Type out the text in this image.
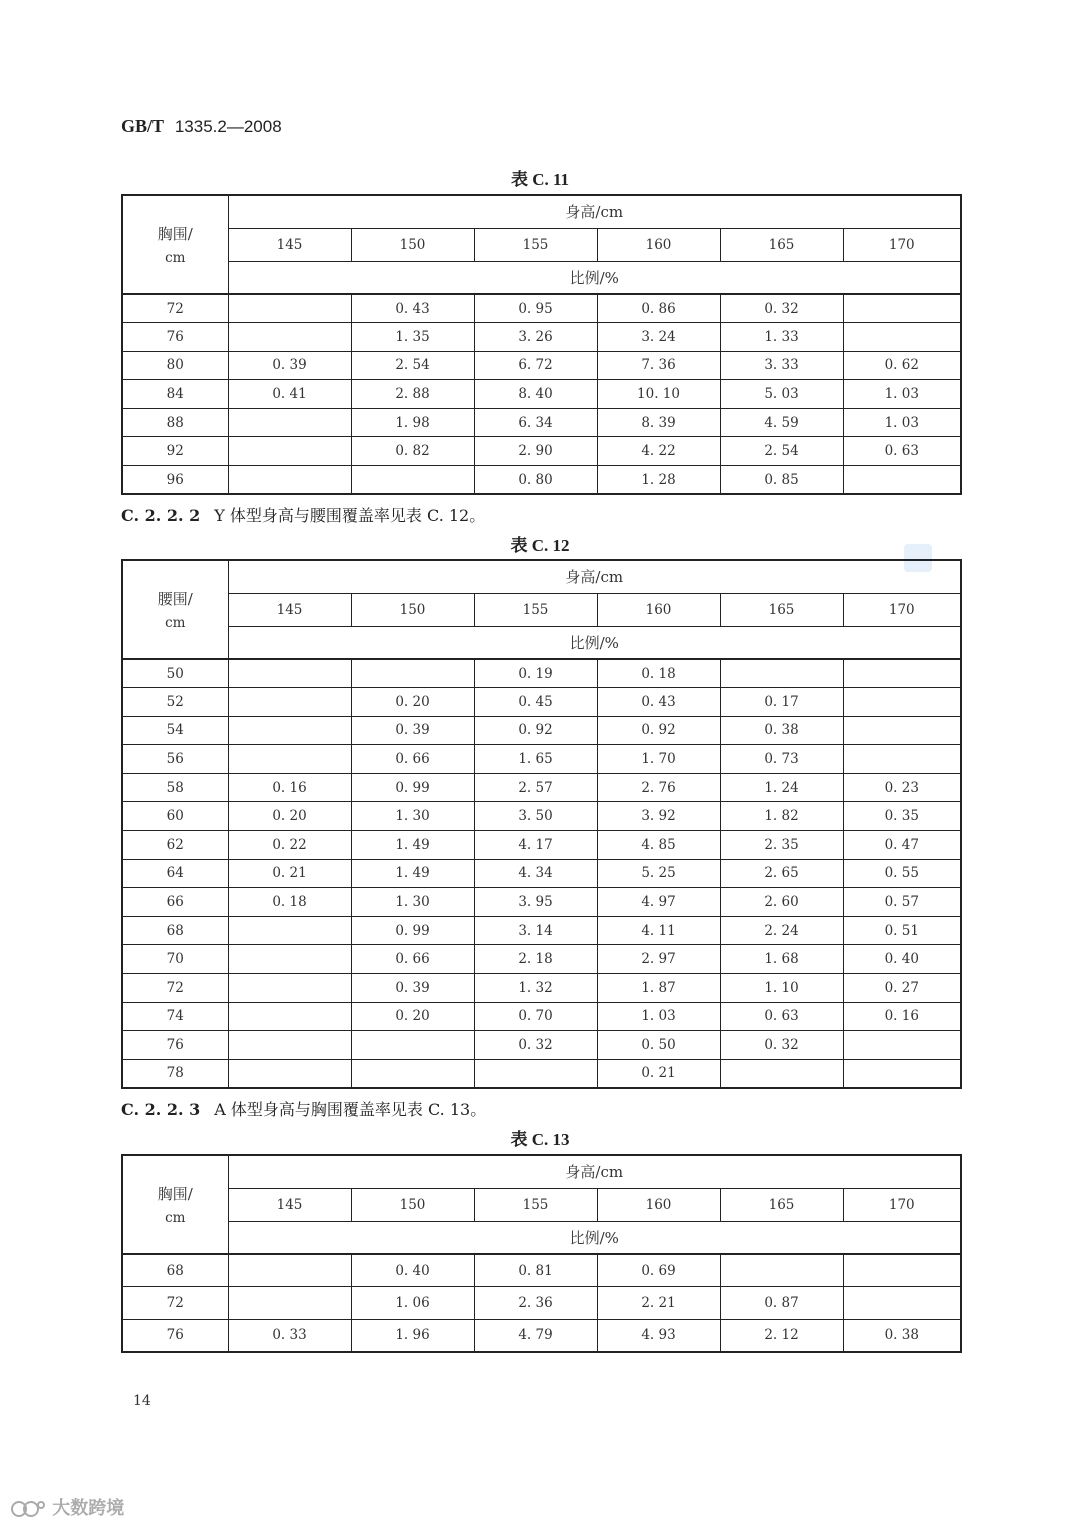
GB/T 1335.2—2008
表 C. 11
胸围/
cm	身高/cm					
	145	150	155	160	165	170
	比例/%					
72		0. 43	0. 95	0. 86	0. 32	
76		1. 35	3. 26	3. 24	1. 33	
80	0. 39	2. 54	6. 72	7. 36	3. 33	0. 62
84	0. 41	2. 88	8. 40	10. 10	5. 03	1. 03
88		1. 98	6. 34	8. 39	4. 59	1. 03
92		0. 82	2. 90	4. 22	2. 54	0. 63
96			0. 80	1. 28	0. 85	
C. 2. 2. 2 Y 体型身高与腰围覆盖率见表 C. 12。
表 C. 12
腰围/
cm	身高/cm					
	145	150	155	160	165	170
	比例/%					
50			0. 19	0. 18		
52		0. 20	0. 45	0. 43	0. 17	
54		0. 39	0. 92	0. 92	0. 38	
56		0. 66	1. 65	1. 70	0. 73	
58	0. 16	0. 99	2. 57	2. 76	1. 24	0. 23
60	0. 20	1. 30	3. 50	3. 92	1. 82	0. 35
62	0. 22	1. 49	4. 17	4. 85	2. 35	0. 47
64	0. 21	1. 49	4. 34	5. 25	2. 65	0. 55
66	0. 18	1. 30	3. 95	4. 97	2. 60	0. 57
68		0. 99	3. 14	4. 11	2. 24	0. 51
70		0. 66	2. 18	2. 97	1. 68	0. 40
72		0. 39	1. 32	1. 87	1. 10	0. 27
74		0. 20	0. 70	1. 03	0. 63	0. 16
76			0. 32	0. 50	0. 32	
78				0. 21		
C. 2. 2. 3 A 体型身高与胸围覆盖率见表 C. 13。
表 C. 13
胸围/
cm	身高/cm					
	145	150	155	160	165	170
	比例/%					
68		0. 40	0. 81	0. 69		
72		1. 06	2. 36	2. 21	0. 87	
76	0. 33	1. 96	4. 79	4. 93	2. 12	0. 38
14
大数跨境
